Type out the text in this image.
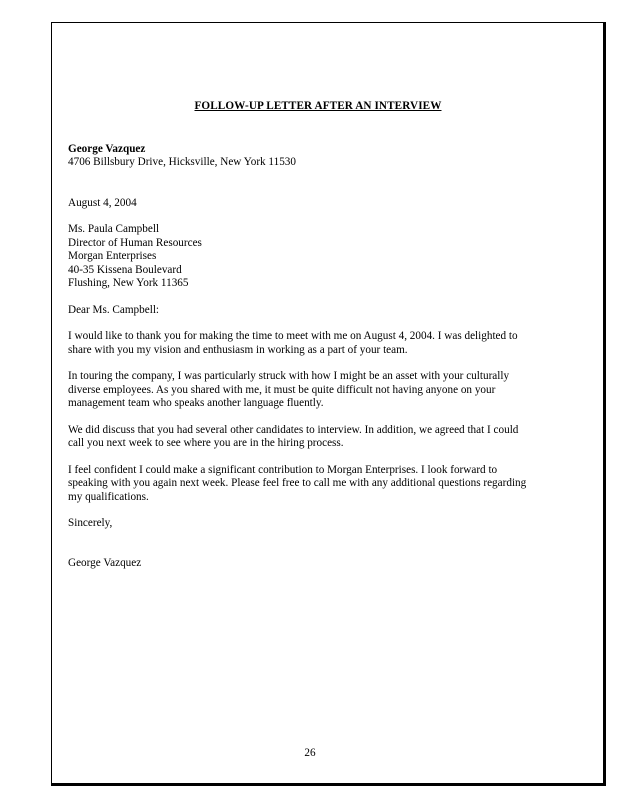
FOLLOW-UP LETTER AFTER AN INTERVIEW
George Vazquez
4706 Billsbury Drive, Hicksville, New York 11530
August 4, 2004
Ms. Paula Campbell
Director of Human Resources
Morgan Enterprises
40-35 Kissena Boulevard
Flushing, New York 11365
Dear Ms. Campbell:
I would like to thank you for making the time to meet with me on August 4, 2004. I was delighted to
share with you my vision and enthusiasm in working as a part of your team.
In touring the company, I was particularly struck with how I might be an asset with your culturally
diverse employees. As you shared with me, it must be quite difficult not having anyone on your
management team who speaks another language fluently.
We did discuss that you had several other candidates to interview. In addition, we agreed that I could
call you next week to see where you are in the hiring process.
I feel confident I could make a significant contribution to Morgan Enterprises. I look forward to
speaking with you again next week. Please feel free to call me with any additional questions regarding
my qualifications.
Sincerely,
George Vazquez
26
